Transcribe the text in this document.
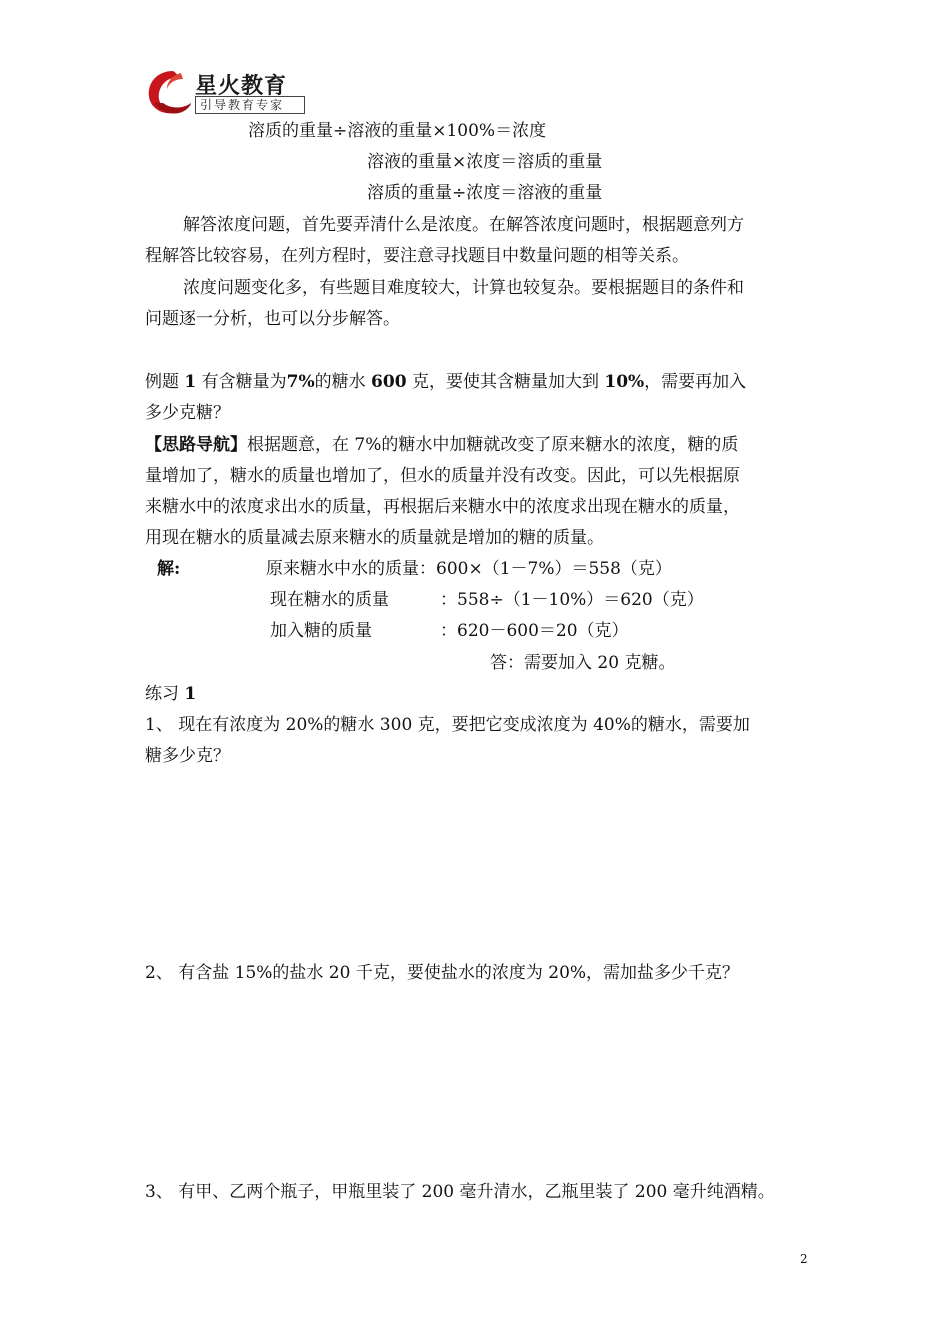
星火教育
引导教育专家
溶质的重量÷溶液的重量×100%＝浓度
溶液的重量×浓度＝溶质的重量
溶质的重量÷浓度＝溶液的重量
解答浓度问题，首先要弄清什么是浓度。在解答浓度问题时，根据题意列方
程解答比较容易，在列方程时，要注意寻找题目中数量问题的相等关系。
浓度问题变化多，有些题目难度较大，计算也较复杂。要根据题目的条件和
问题逐一分析，也可以分步解答。
例题 1 有含糖量为7%的糖水 600 克，要使其含糖量加大到 10%，需要再加入
多少克糖？
【思路导航】根据题意，在 7%的糖水中加糖就改变了原来糖水的浓度，糖的质
量增加了，糖水的质量也增加了，但水的质量并没有改变。因此，可以先根据原
来糖水中的浓度求出水的质量，再根据后来糖水中的浓度求出现在糖水的质量，
用现在糖水的质量减去原来糖水的质量就是增加的糖的质量。
解:	原来糖水中水的质量：600×（1－7%）＝558（克）
现在糖水的质量	：558÷（1－10%）＝620（克）
加入糖的质量	：620－600＝20（克）
答：需要加入 20 克糖。
练习 1
1、 现在有浓度为 20%的糖水 300 克，要把它变成浓度为 40%的糖水，需要加
糖多少克？
2、 有含盐 15%的盐水 20 千克，要使盐水的浓度为 20%，需加盐多少千克？
3、 有甲、乙两个瓶子，甲瓶里装了 200 毫升清水，乙瓶里装了 200 毫升纯酒精。
2
